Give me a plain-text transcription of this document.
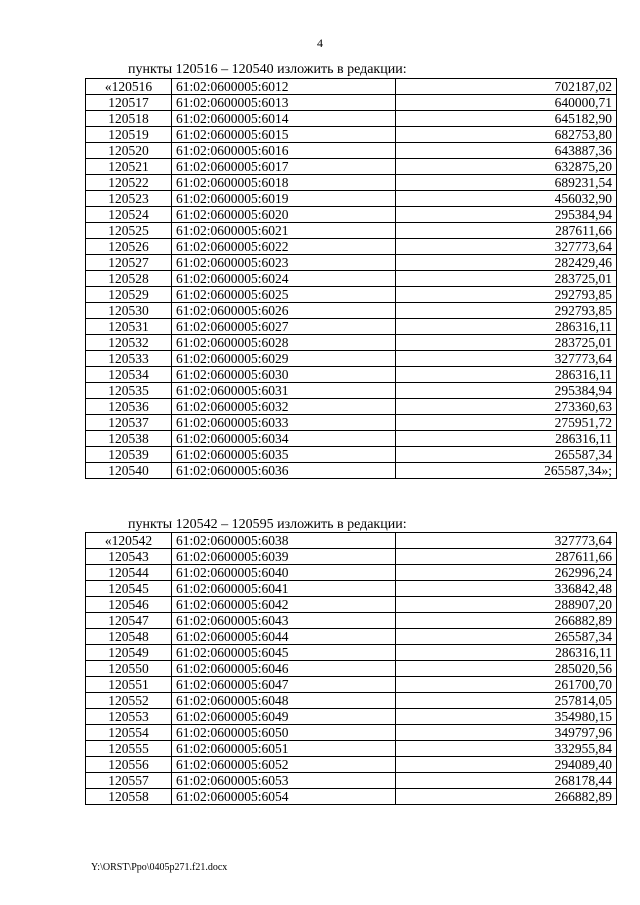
4
пункты 120516 – 120540 изложить в редакции:
«120516	61:02:0600005:6012	702187,02
120517	61:02:0600005:6013	640000,71
120518	61:02:0600005:6014	645182,90
120519	61:02:0600005:6015	682753,80
120520	61:02:0600005:6016	643887,36
120521	61:02:0600005:6017	632875,20
120522	61:02:0600005:6018	689231,54
120523	61:02:0600005:6019	456032,90
120524	61:02:0600005:6020	295384,94
120525	61:02:0600005:6021	287611,66
120526	61:02:0600005:6022	327773,64
120527	61:02:0600005:6023	282429,46
120528	61:02:0600005:6024	283725,01
120529	61:02:0600005:6025	292793,85
120530	61:02:0600005:6026	292793,85
120531	61:02:0600005:6027	286316,11
120532	61:02:0600005:6028	283725,01
120533	61:02:0600005:6029	327773,64
120534	61:02:0600005:6030	286316,11
120535	61:02:0600005:6031	295384,94
120536	61:02:0600005:6032	273360,63
120537	61:02:0600005:6033	275951,72
120538	61:02:0600005:6034	286316,11
120539	61:02:0600005:6035	265587,34
120540	61:02:0600005:6036	265587,34»;
пункты 120542 – 120595 изложить в редакции:
«120542	61:02:0600005:6038	327773,64
120543	61:02:0600005:6039	287611,66
120544	61:02:0600005:6040	262996,24
120545	61:02:0600005:6041	336842,48
120546	61:02:0600005:6042	288907,20
120547	61:02:0600005:6043	266882,89
120548	61:02:0600005:6044	265587,34
120549	61:02:0600005:6045	286316,11
120550	61:02:0600005:6046	285020,56
120551	61:02:0600005:6047	261700,70
120552	61:02:0600005:6048	257814,05
120553	61:02:0600005:6049	354980,15
120554	61:02:0600005:6050	349797,96
120555	61:02:0600005:6051	332955,84
120556	61:02:0600005:6052	294089,40
120557	61:02:0600005:6053	268178,44
120558	61:02:0600005:6054	266882,89
Y:\ORST\Ppo\0405p271.f21.docx
